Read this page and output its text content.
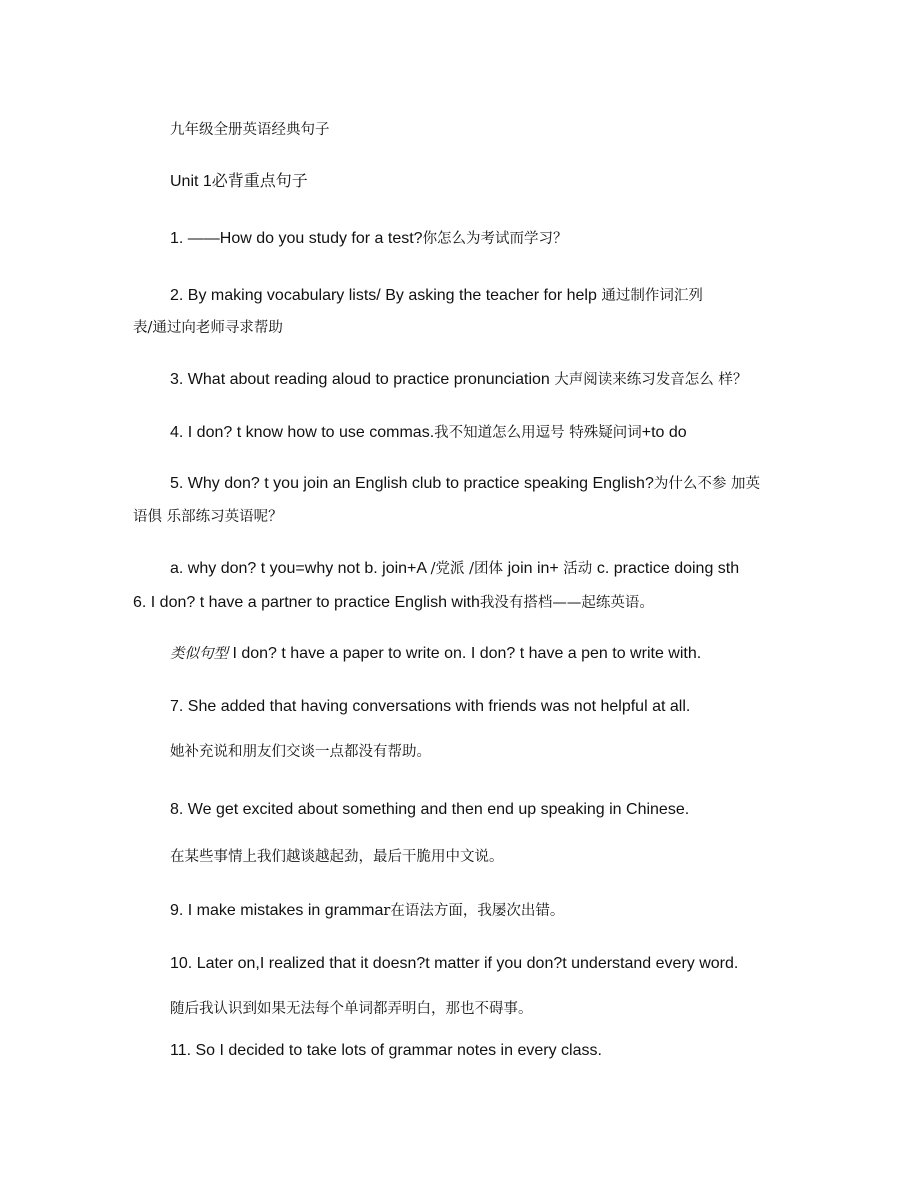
九年级全册英语经典句子
Unit 1必背重点句子
1. ——How do you study for a test?你怎么为考试而学习？
2. By making vocabulary lists/ By asking the teacher for help 通过制作词汇列
表/通过向老师寻求帮助
3. What about reading aloud to practice pronunciation 大声阅读来练习发音怎么 样？
4. I don? t know how to use commas.我不知道怎么用逗号 特殊疑问词+to do
5. Why don? t you join an English club to practice speaking English?为什么不参 加英
语俱 乐部练习英语呢？
a. why don? t you=why not b. join+A /党派 /团体 join in+ 活动 c. practice doing sth
6. I don? t have a partner to practice English with我没有搭档——起练英语。
类似句型 I don? t have a paper to write on. I don? t have a pen to write with.
7. She added that having conversations with friends was not helpful at all.
她补充说和朋友们交谈一点都没有帮助。
8. We get excited about something and then end up speaking in Chinese.
在某些事情上我们越谈越起劲，最后干脆用中文说。
9. I make mistakes in grammar在语法方面，我屡次出错。
10. Later on,I realized that it doesn?t matter if you don?t understand every word.
随后我认识到如果无法每个单词都弄明白，那也不碍事。
11. So I decided to take lots of grammar notes in every class.
